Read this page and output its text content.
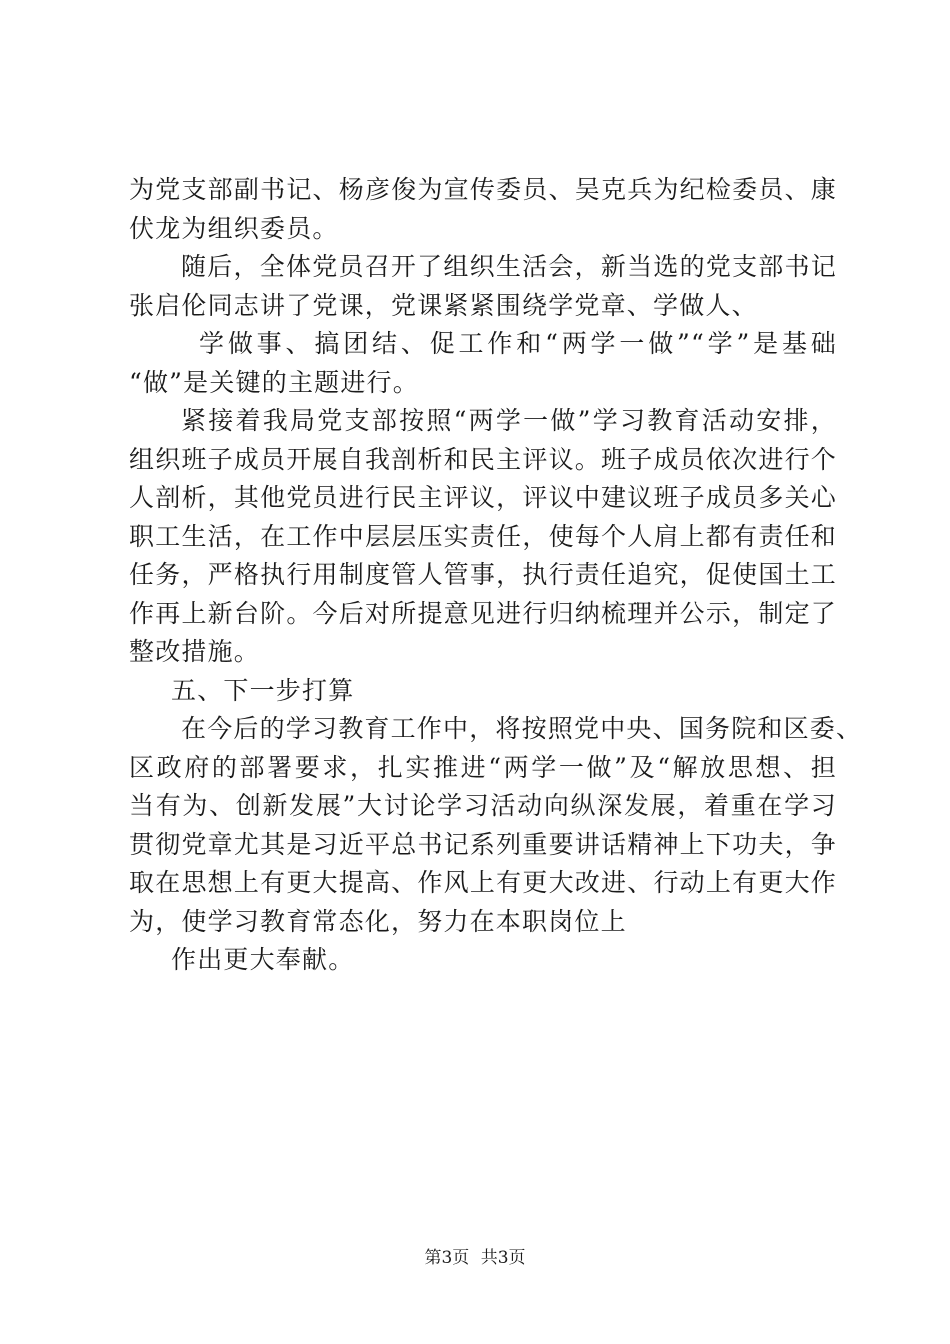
为党支部副书记、杨彦俊为宣传委员、吴克兵为纪检委员、康
伏龙为组织委员。
随后，全体党员召开了组织生活会，新当选的党支部书记
张启伦同志讲了党课，党课紧紧围绕学党章、学做人、
学做事、搞团结、促工作和“两学一做”“学”是基础
“做”是关键的主题进行。
紧接着我局党支部按照“两学一做”学习教育活动安排，
组织班子成员开展自我剖析和民主评议。班子成员依次进行个
人剖析，其他党员进行民主评议，评议中建议班子成员多关心
职工生活，在工作中层层压实责任，使每个人肩上都有责任和
任务，严格执行用制度管人管事，执行责任追究，促使国土工
作再上新台阶。今后对所提意见进行归纳梳理并公示，制定了
整改措施。
五、下一步打算
在今后的学习教育工作中，将按照党中央、国务院和区委、
区政府的部署要求，扎实推进“两学一做”及“解放思想、担
当有为、创新发展”大讨论学习活动向纵深发展，着重在学习
贯彻党章尤其是习近平总书记系列重要讲话精神上下功夫，争
取在思想上有更大提高、作风上有更大改进、行动上有更大作
为，使学习教育常态化，努力在本职岗位上
作出更大奉献。
第3页 共3页
